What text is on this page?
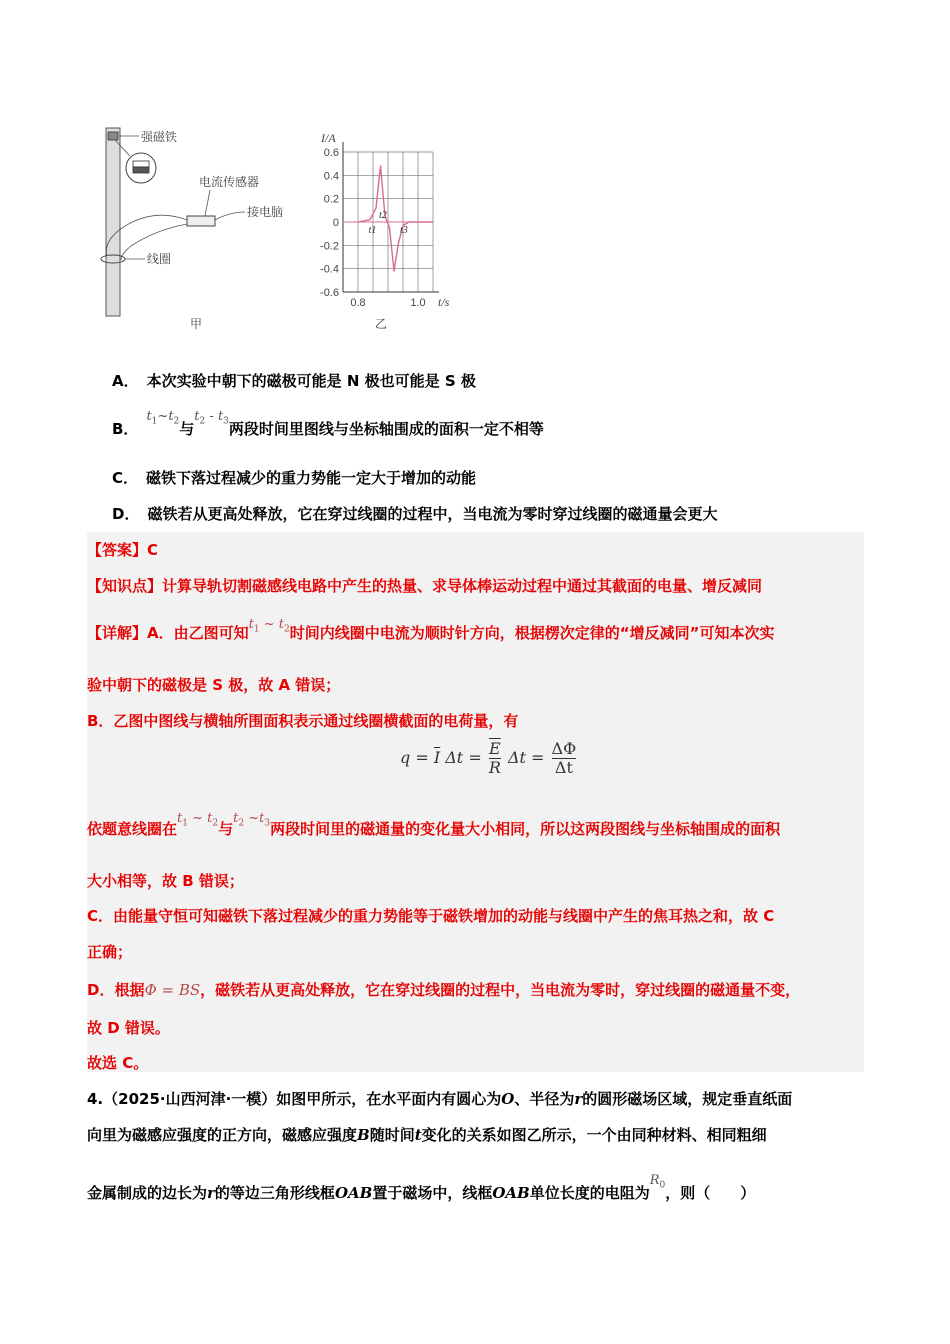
强磁铁
电流传感器
接电脑
线圈
甲
0.6
0.4
0.2
0
-0.2
-0.4
-0.6
0.8	1.0
t1
t2
t3
I/A
t/s
乙
A． 本次实验中朝下的磁极可能是 N 极也可能是 S 极
B．$t_1\sim t_2$与$t_2 - t_3$两段时间里图线与坐标轴围成的面积一定不相等
C． 磁铁下落过程减少的重力势能一定大于增加的动能
D． 磁铁若从更高处释放，它在穿过线圈的过程中，当电流为零时穿过线圈的磁通量会更大
【答案】C
【知识点】计算导轨切割磁感线电路中产生的热量、求导体棒运动过程中通过其截面的电量、增反减同
【详解】A．由乙图可知$t_1$ ~ $t_2$时间内线圈中电流为顺时针方向，根据楞次定律的“增反减同”可知本次实
验中朝下的磁极是 S 极，故 A 错误；
B．乙图中图线与横轴所围面积表示通过线圈横截面的电荷量，有
$q = \overline{I}$ $\Delta t = \frac{\overline{E}}{R}$ $\Delta t = \frac{\Delta\Phi}{\Delta t}$
依题意线圈在$t_1$ ~ $t_2$与$t_2$ $\sim t_3$两段时间里的磁通量的变化量大小相同，所以这两段图线与坐标轴围成的面积
大小相等，故 B 错误；
C．由能量守恒可知磁铁下落过程减少的重力势能等于磁铁增加的动能与线圈中产生的焦耳热之和，故 C
正确；
D．根据Φ = BS，磁铁若从更高处释放，它在穿过线圈的过程中，当电流为零时，穿过线圈的磁通量不变，
故 D 错误。
故选 C。
4.（2025·山西河津·一模）如图甲所示，在水平面内有圆心为O、半径为r的圆形磁场区域，规定垂直纸面
向里为磁感应强度的正方向，磁感应强度B随时间t变化的关系如图乙所示，一个由同种材料、相同粗细
金属制成的边长为r的等边三角形线框OAB置于磁场中，线框OAB单位长度的电阻为$R_0$，则（　　）
